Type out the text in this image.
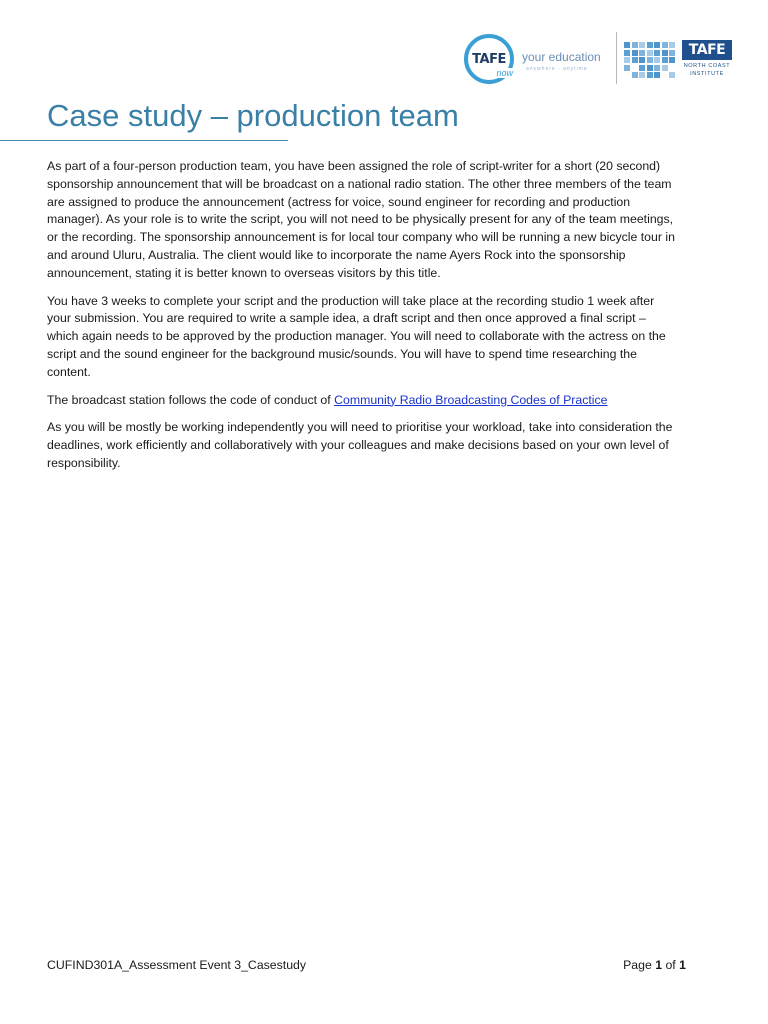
TAFE
now
your education
anywhere · anytime
TAFE
NORTH COAST
INSTITUTE
Case study – production team

As part of a four-person production team, you have been assigned the role of script-writer for a short (20 second) sponsorship announcement that will be broadcast on a national radio station. The other three members of the team are assigned to produce the announcement (actress for voice, sound engineer for recording and production manager). As your role is to write the script, you will not need to be physically present for any of the team meetings, or the recording. The sponsorship announcement is for local tour company who will be running a new bicycle tour in and around Uluru, Australia. The client would like to incorporate the name Ayers Rock into the sponsorship announcement, stating it is better known to overseas visitors by this title.

You have 3 weeks to complete your script and the production will take place at the recording studio 1 week after your submission. You are required to write a sample idea, a draft script and then once approved a final script – which again needs to be approved by the production manager. You will need to collaborate with the actress on the script and the sound engineer for the background music/sounds. You will have to spend time researching the content.

The broadcast station follows the code of conduct of Community Radio Broadcasting Codes of Practice

As you will be mostly be working independently you will need to prioritise your workload, take into consideration the deadlines, work efficiently and collaboratively with your colleagues and make decisions based on your own level of responsibility.

CUFIND301A_Assessment Event 3_Casestudy	Page 1 of 1
